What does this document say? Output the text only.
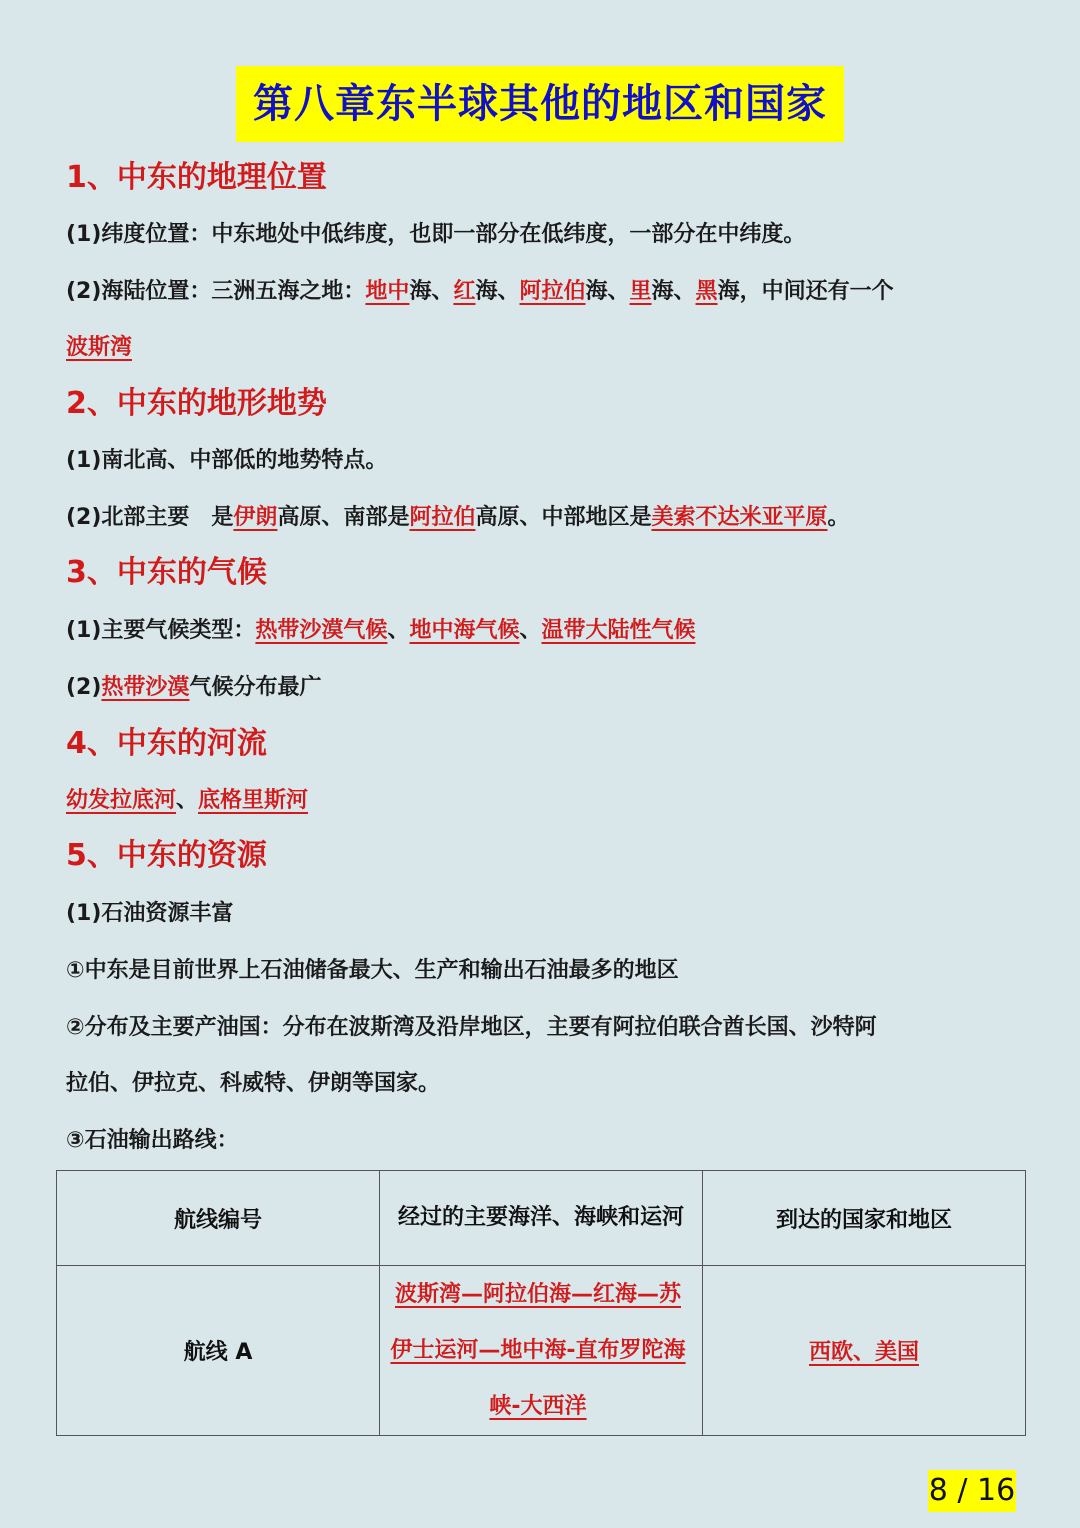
第八章东半球其他的地区和国家
1、中东的地理位置
(1)纬度位置：中东地处中低纬度，也即一部分在低纬度，一部分在中纬度。
(2)海陆位置：三洲五海之地：地中海、红海、阿拉伯海、里海、黑海，中间还有一个
波斯湾
2、中东的地形地势
(1)南北高、中部低的地势特点。
(2)北部主要　是伊朗高原、南部是阿拉伯高原、中部地区是美索不达米亚平原。
3、中东的气候
(1)主要气候类型：热带沙漠气候、地中海气候、温带大陆性气候
(2)热带沙漠气候分布最广
4、中东的河流
幼发拉底河、底格里斯河
5、中东的资源
(1)石油资源丰富
①中东是目前世界上石油储备最大、生产和输出石油最多的地区
②分布及主要产油国：分布在波斯湾及沿岸地区，主要有阿拉伯联合酋长国、沙特阿
拉伯、伊拉克、科威特、伊朗等国家。
③石油输出路线：
航线编号	经过的主要海洋、海峡和运河	到达的国家和地区
航线 A	波斯湾—阿拉伯海—红海—苏伊士运河—地中海-直布罗陀海峡-大西洋	西欧、美国
8 / 16
